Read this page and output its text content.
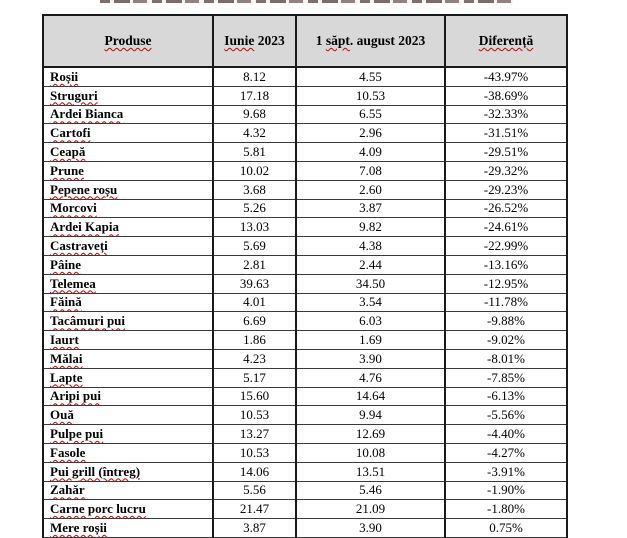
Produse	Iunie 2023	1 săpt. august 2023	Diferență
Roșii	8.12	4.55	-43.97%
Struguri	17.18	10.53	-38.69%
Ardei Bianca	9.68	6.55	-32.33%
Cartofi	4.32	2.96	-31.51%
Ceapă	5.81	4.09	-29.51%
Prune	10.02	7.08	-29.32%
Pepene roșu	3.68	2.60	-29.23%
Morcovi	5.26	3.87	-26.52%
Ardei Kapia	13.03	9.82	-24.61%
Castraveți	5.69	4.38	-22.99%
Pâine	2.81	2.44	-13.16%
Telemea	39.63	34.50	-12.95%
Făină	4.01	3.54	-11.78%
Tacâmuri pui	6.69	6.03	-9.88%
Iaurt	1.86	1.69	-9.02%
Mălai	4.23	3.90	-8.01%
Lapte	5.17	4.76	-7.85%
Aripi pui	15.60	14.64	-6.13%
Ouă	10.53	9.94	-5.56%
Pulpe pui	13.27	12.69	-4.40%
Fasole	10.53	10.08	-4.27%
Pui grill (întreg)	14.06	13.51	-3.91%
Zahăr	5.56	5.46	-1.90%
Carne porc lucru	21.47	21.09	-1.80%
Mere roșii	3.87	3.90	0.75%
